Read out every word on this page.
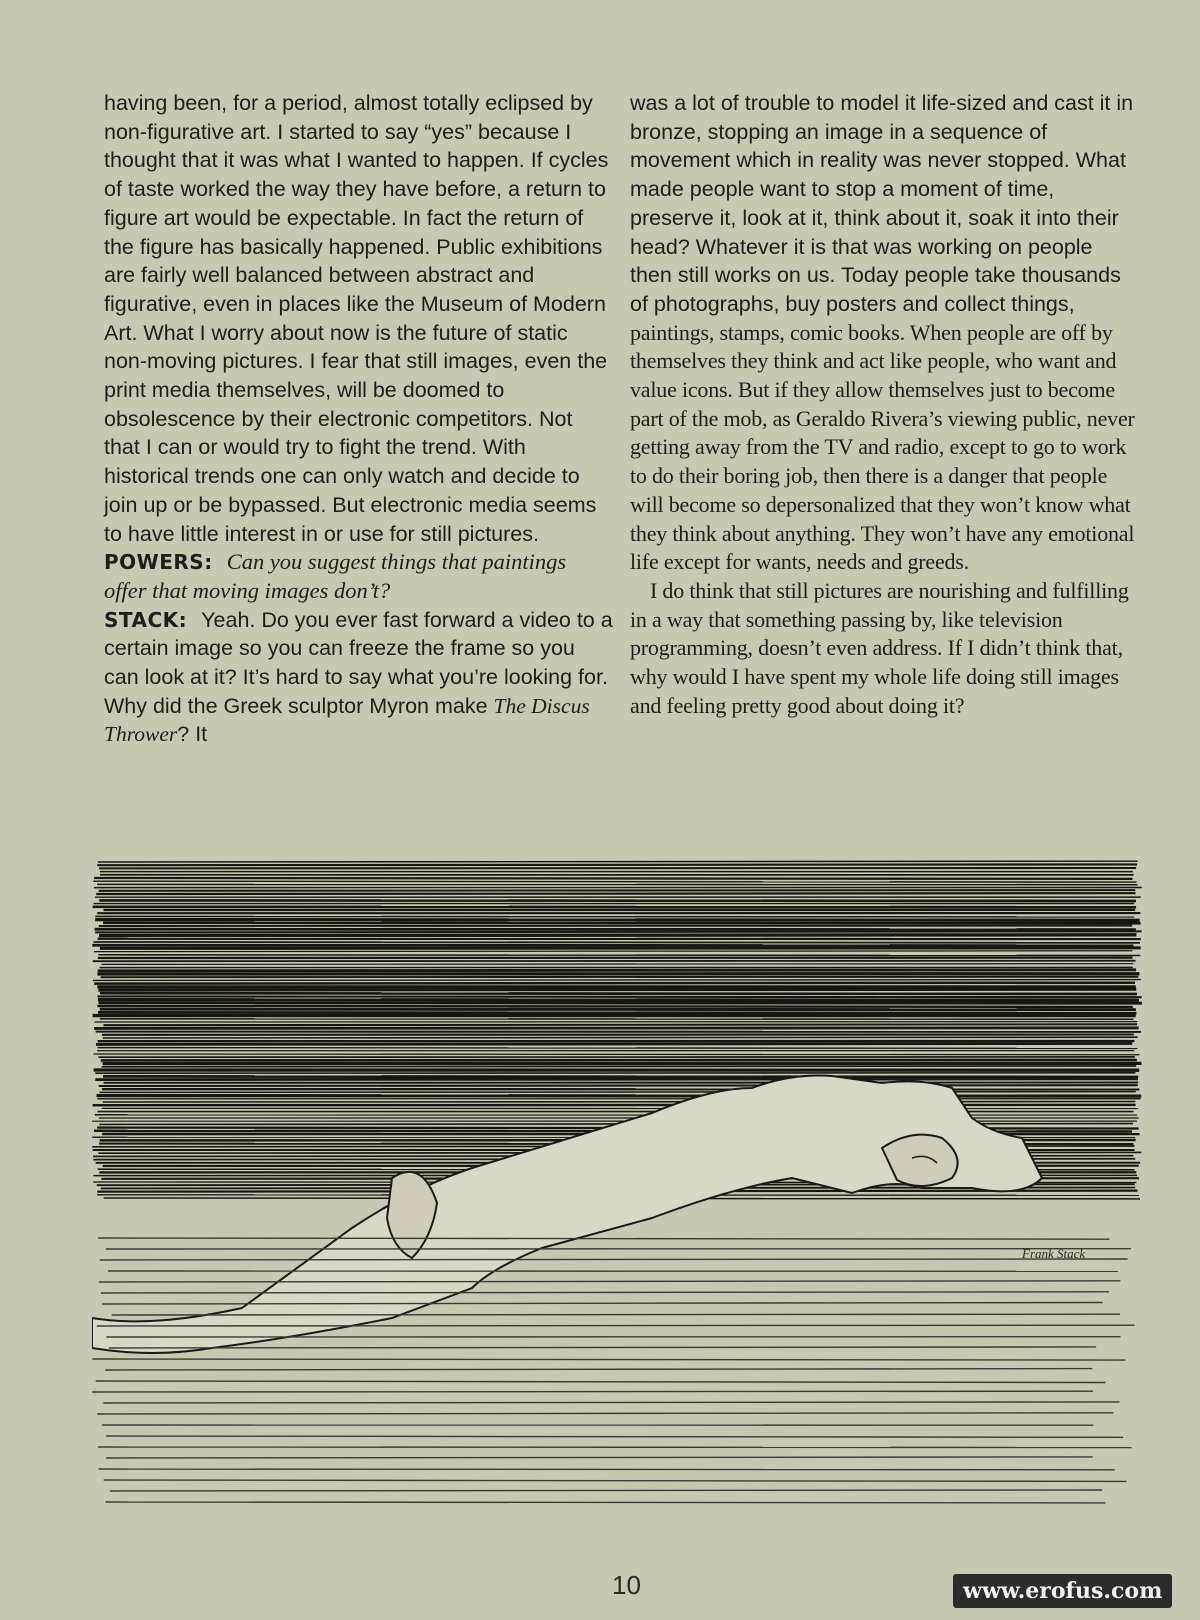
having been, for a period, almost totally eclipsed by non-figurative art. I started to say “yes” because I thought that it was what I wanted to happen. If cycles of taste worked the way they have before, a return to figure art would be expectable. In fact the return of the figure has basically happened. Public exhibitions are fairly well balanced between abstract and figurative, even in places like the Museum of Modern Art. What I worry about now is the future of static non-moving pictures. I fear that still images, even the print media themselves, will be doomed to obsolescence by their electronic competitors. Not that I can or would try to fight the trend. With historical trends one can only watch and decide to join up or be bypassed. But electronic media seems to have little interest in or use for still pictures.

POWERS: Can you suggest things that paintings offer that moving images don’t?

STACK: Yeah. Do you ever fast forward a video to a certain image so you can freeze the frame so you can look at it? It’s hard to say what you’re looking for. Why did the Greek sculptor Myron make The Discus Thrower? It

was a lot of trouble to model it life-sized and cast it in bronze, stopping an image in a sequence of movement which in reality was never stopped. What made people want to stop a moment of time, preserve it, look at it, think about it, soak it into their head? Whatever it is that was working on people then still works on us. Today people take thousands of photographs, buy posters and collect things, paintings, stamps, comic books. When people are off by themselves they think and act like people, who want and value icons. But if they allow themselves just to become part of the mob, as Geraldo Rivera’s viewing public, never getting away from the TV and radio, except to go to work to do their boring job, then there is a danger that people will become so depersonalized that they won’t know what they think about anything. They won’t have any emotional life except for wants, needs and greeds.

I do think that still pictures are nourishing and fulfilling in a way that something passing by, like television programming, doesn’t even address. If I didn’t think that, why would I have spent my whole life doing still images and feeling pretty good about doing it?

Frank Stack
10	www.erofus.com
